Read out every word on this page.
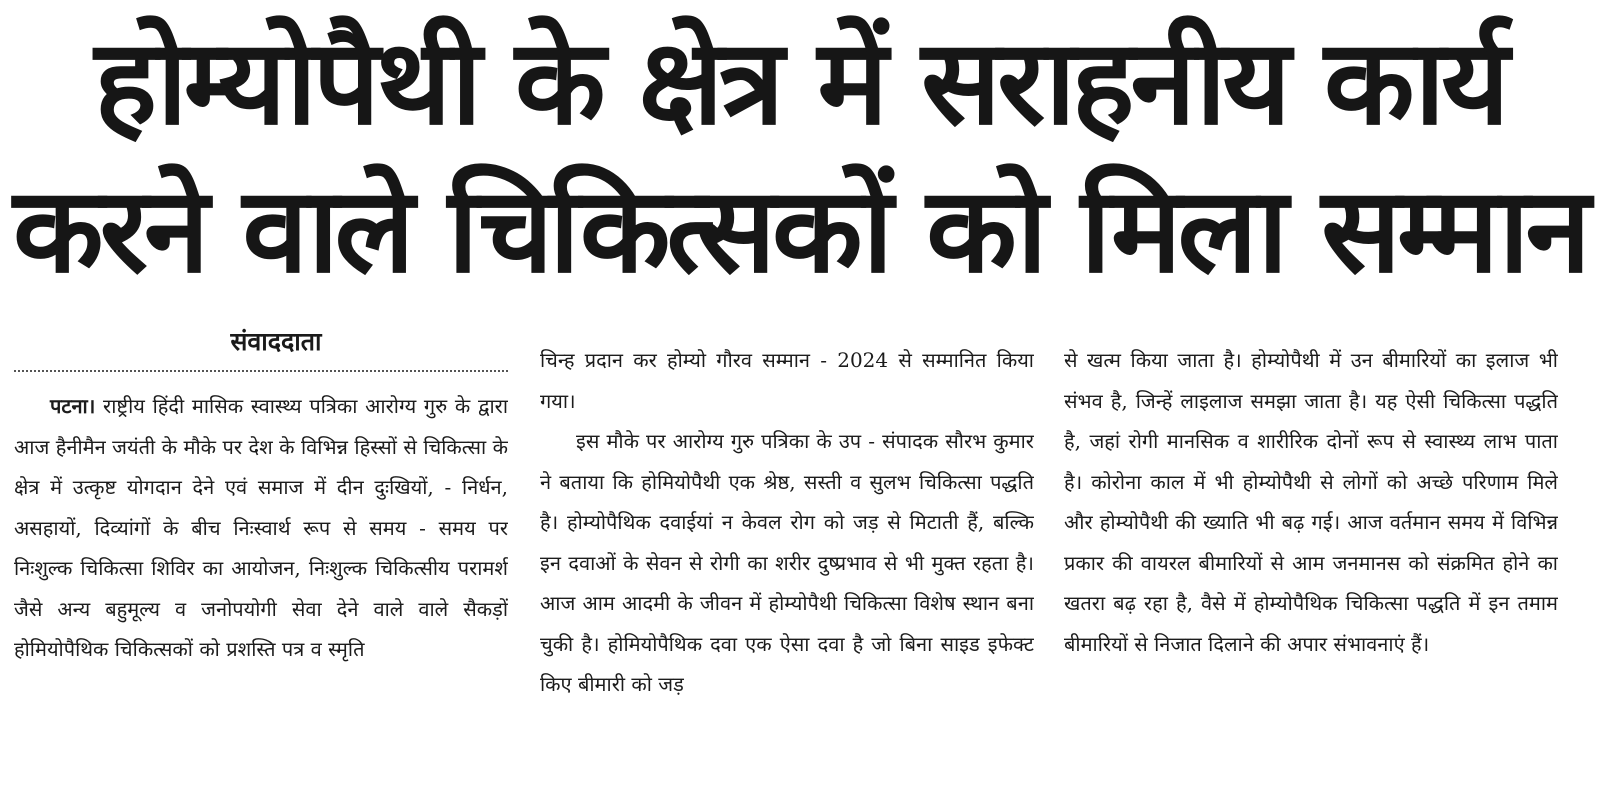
होम्योपैथी के क्षेत्र में सराहनीय कार्य
करने वाले चिकित्सकों को मिला सम्मान
संवाददाता

पटना। राष्ट्रीय हिंदी मासिक स्वास्थ्य पत्रिका आरोग्य गुरु के द्वारा आज हैनीमैन जयंती के मौके पर देश के विभिन्न हिस्सों से चिकित्सा के क्षेत्र में उत्कृष्ट योगदान देने एवं समाज में दीन दुःखियों, - निर्धन, असहायों, दिव्यांगों के बीच निःस्वार्थ रूप से समय - समय पर निःशुल्क चिकित्सा शिविर का आयोजन, निःशुल्क चिकित्सीय परामर्श जैसे अन्य बहुमूल्य व जनोपयोगी सेवा देने वाले वाले सैकड़ों होमियोपैथिक चिकित्सकों को प्रशस्ति पत्र व स्मृति

चिन्ह प्रदान कर होम्यो गौरव सम्मान - 2024 से सम्मानित किया गया।

इस मौके पर आरोग्य गुरु पत्रिका के उप - संपादक सौरभ कुमार ने बताया कि होमियोपैथी एक श्रेष्ठ, सस्ती व सुलभ चिकित्सा पद्धति है। होम्योपैथिक दवाईयां न केवल रोग को जड़ से मिटाती हैं, बल्कि इन दवाओं के सेवन से रोगी का शरीर दुष्प्रभाव से भी मुक्त रहता है। आज आम आदमी के जीवन में होम्योपैथी चिकित्सा विशेष स्थान बना चुकी है। होमियोपैथिक दवा एक ऐसा दवा है जो बिना साइड इफेक्ट किए बीमारी को जड़

से खत्म किया जाता है। होम्योपैथी में उन बीमारियों का इलाज भी संभव है, जिन्हें लाइलाज समझा जाता है। यह ऐसी चिकित्सा पद्धति है, जहां रोगी मानसिक व शारीरिक दोनों रूप से स्वास्थ्य लाभ पाता है। कोरोना काल में भी होम्योपैथी से लोगों को अच्छे परिणाम मिले और होम्योपैथी की ख्याति भी बढ़ गई। आज वर्तमान समय में विभिन्न प्रकार की वायरल बीमारियों से आम जनमानस को संक्रमित होने का खतरा बढ़ रहा है, वैसे में होम्योपैथिक चिकित्सा पद्धति में इन तमाम बीमारियों से निजात दिलाने की अपार संभावनाएं हैं।
